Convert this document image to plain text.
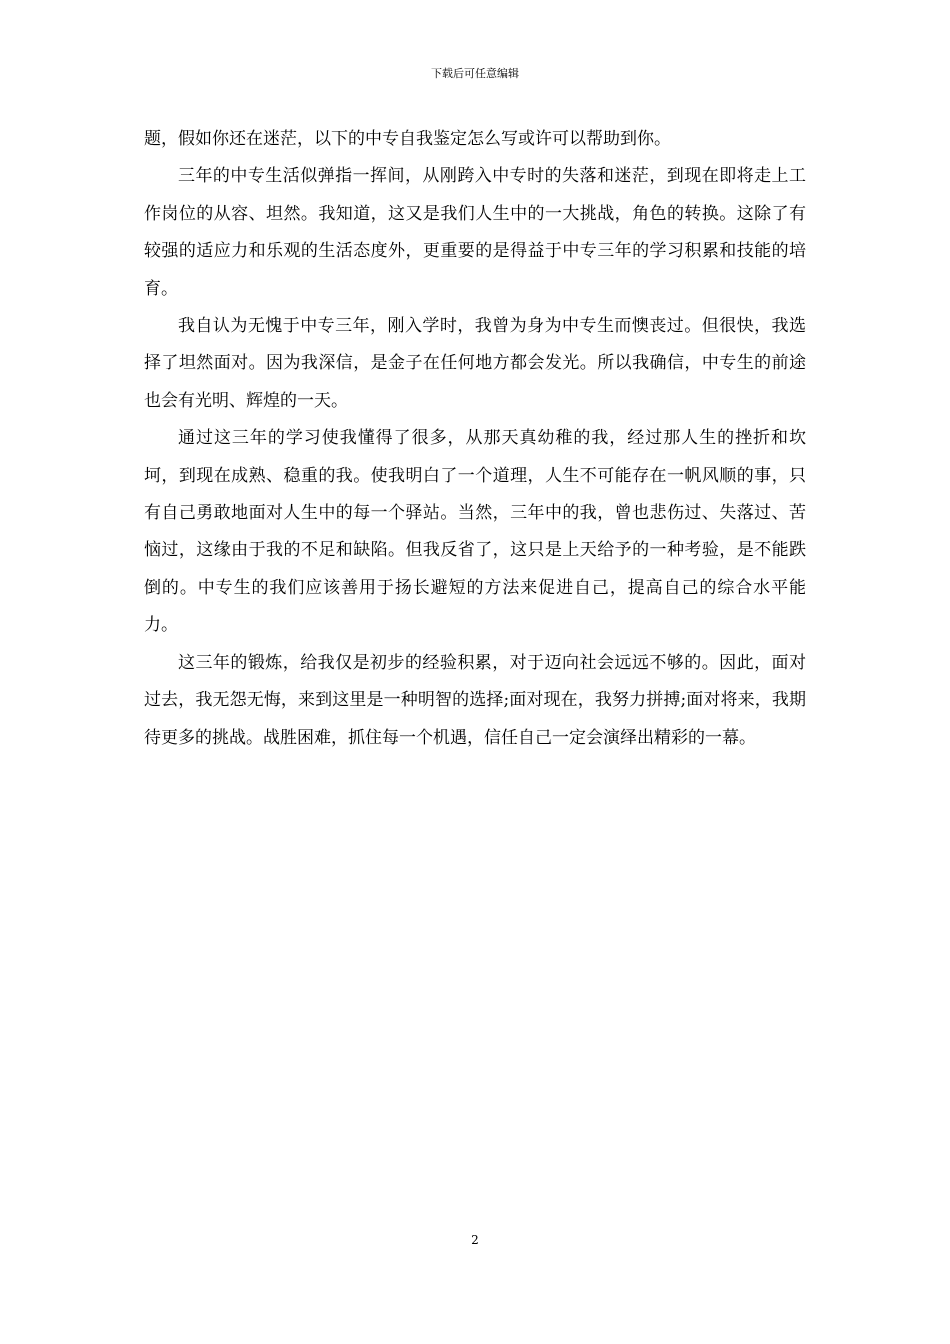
下载后可任意编辑

题，假如你还在迷茫，以下的中专自我鉴定怎么写或许可以帮助到你。

三年的中专生活似弹指一挥间，从刚跨入中专时的失落和迷茫，到现在即将走上工作岗位的从容、坦然。我知道，这又是我们人生中的一大挑战，角色的转换。这除了有较强的适应力和乐观的生活态度外，更重要的是得益于中专三年的学习积累和技能的培育。

我自认为无愧于中专三年，刚入学时，我曾为身为中专生而懊丧过。但很快，我选择了坦然面对。因为我深信，是金子在任何地方都会发光。所以我确信，中专生的前途也会有光明、辉煌的一天。

通过这三年的学习使我懂得了很多，从那天真幼稚的我，经过那人生的挫折和坎坷，到现在成熟、稳重的我。使我明白了一个道理，人生不可能存在一帆风顺的事，只有自己勇敢地面对人生中的每一个驿站。当然，三年中的我，曾也悲伤过、失落过、苦恼过，这缘由于我的不足和缺陷。但我反省了，这只是上天给予的一种考验，是不能跌倒的。中专生的我们应该善用于扬长避短的方法来促进自己，提高自己的综合水平能力。

这三年的锻炼，给我仅是初步的经验积累，对于迈向社会远远不够的。因此，面对过去，我无怨无悔，来到这里是一种明智的选择;面对现在，我努力拼搏;面对将来，我期待更多的挑战。战胜困难，抓住每一个机遇，信任自己一定会演绎出精彩的一幕。

2
